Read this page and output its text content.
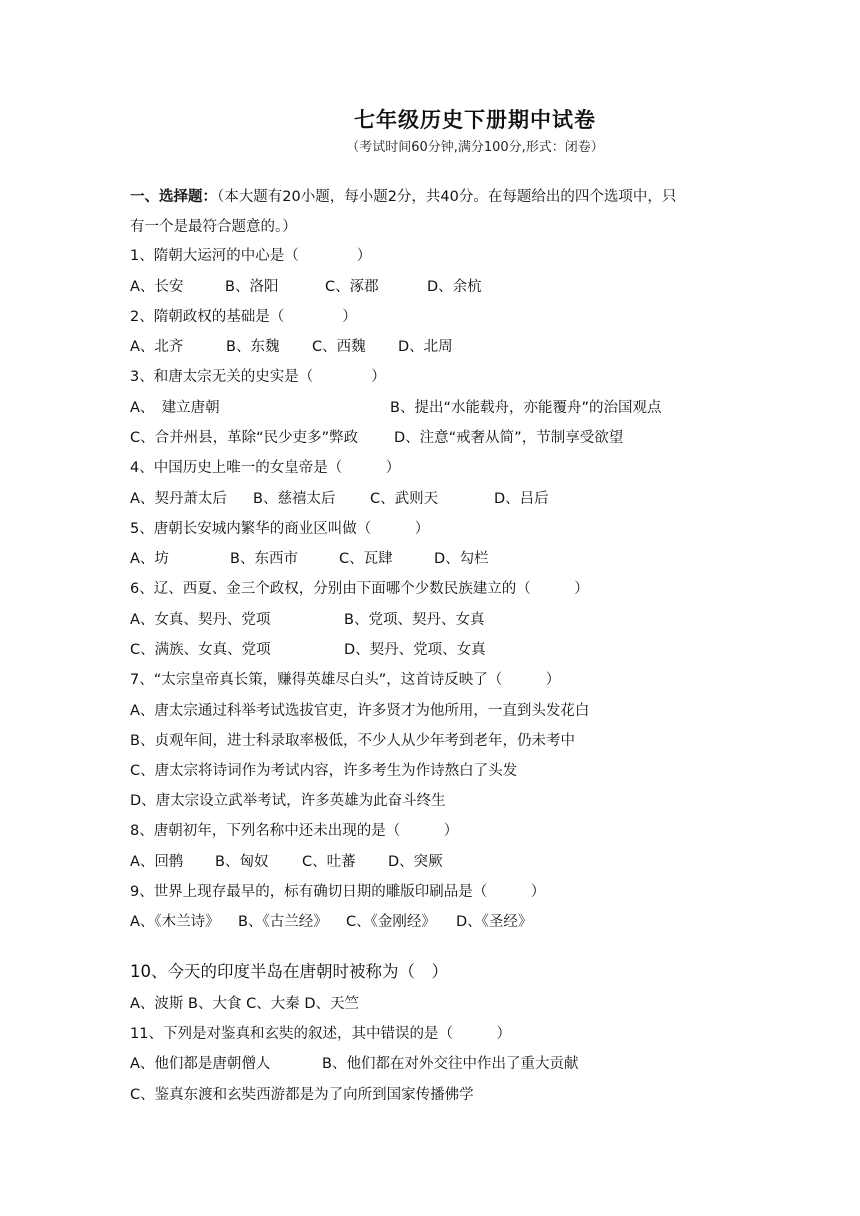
七年级历史下册期中试卷
（考试时间60分钟,满分100分,形式：闭卷）
一、选择题：（本大题有20小题，每小题2分，共40分。在每题给出的四个选项中，只
有一个是最符合题意的。）
1、隋朝大运河的中心是（　　　　）
A、长安	B、洛阳	C、涿郡	D、余杭
2、隋朝政权的基础是（　　　　）
A、北齐	B、东魏 C、西魏 D、北周
3、和唐太宗无关的史实是（　　　　）
A、　建立唐朝	B、提出“水能载舟，亦能覆舟”的治国观点
C、合并州县，革除“民少吏多”弊政 D、注意“戒奢从简”，节制享受欲望
4、中国历史上唯一的女皇帝是（　　　）
A、契丹萧太后 B、慈禧太后 C、武则天	D、吕后
5、唐朝长安城内繁华的商业区叫做（　　　）
A、坊	B、东西市	C、瓦肆	D、勾栏
6、辽、西夏、金三个政权，分别由下面哪个少数民族建立的（　　　）
A、女真、契丹、党项	B、党项、契丹、女真
C、满族、女真、党项	D、契丹、党项、女真
7、“太宗皇帝真长策，赚得英雄尽白头”，这首诗反映了（　　　）
A、唐太宗通过科举考试选拔官吏，许多贤才为他所用，一直到头发花白
B、贞观年间，进士科录取率极低，不少人从少年考到老年，仍未考中
C、唐太宗将诗词作为考试内容，许多考生为作诗熬白了头发
D、唐太宗设立武举考试，许多英雄为此奋斗终生
8、唐朝初年，下列名称中还未出现的是（　　　）
A、回鹘 B、匈奴 C、吐蕃 D、突厥
9、世界上现存最早的，标有确切日期的雕版印刷品是（　　　）
A、《木兰诗》 B、《古兰经》 C、《金刚经》 D、《圣经》
10、今天的印度半岛在唐朝时被称为（　）
A、波斯 B、大食 C、大秦 D、天竺
11、下列是对鉴真和玄奘的叙述，其中错误的是（　　　）
A、他们都是唐朝僧人	B、他们都在对外交往中作出了重大贡献
C、鉴真东渡和玄奘西游都是为了向所到国家传播佛学
